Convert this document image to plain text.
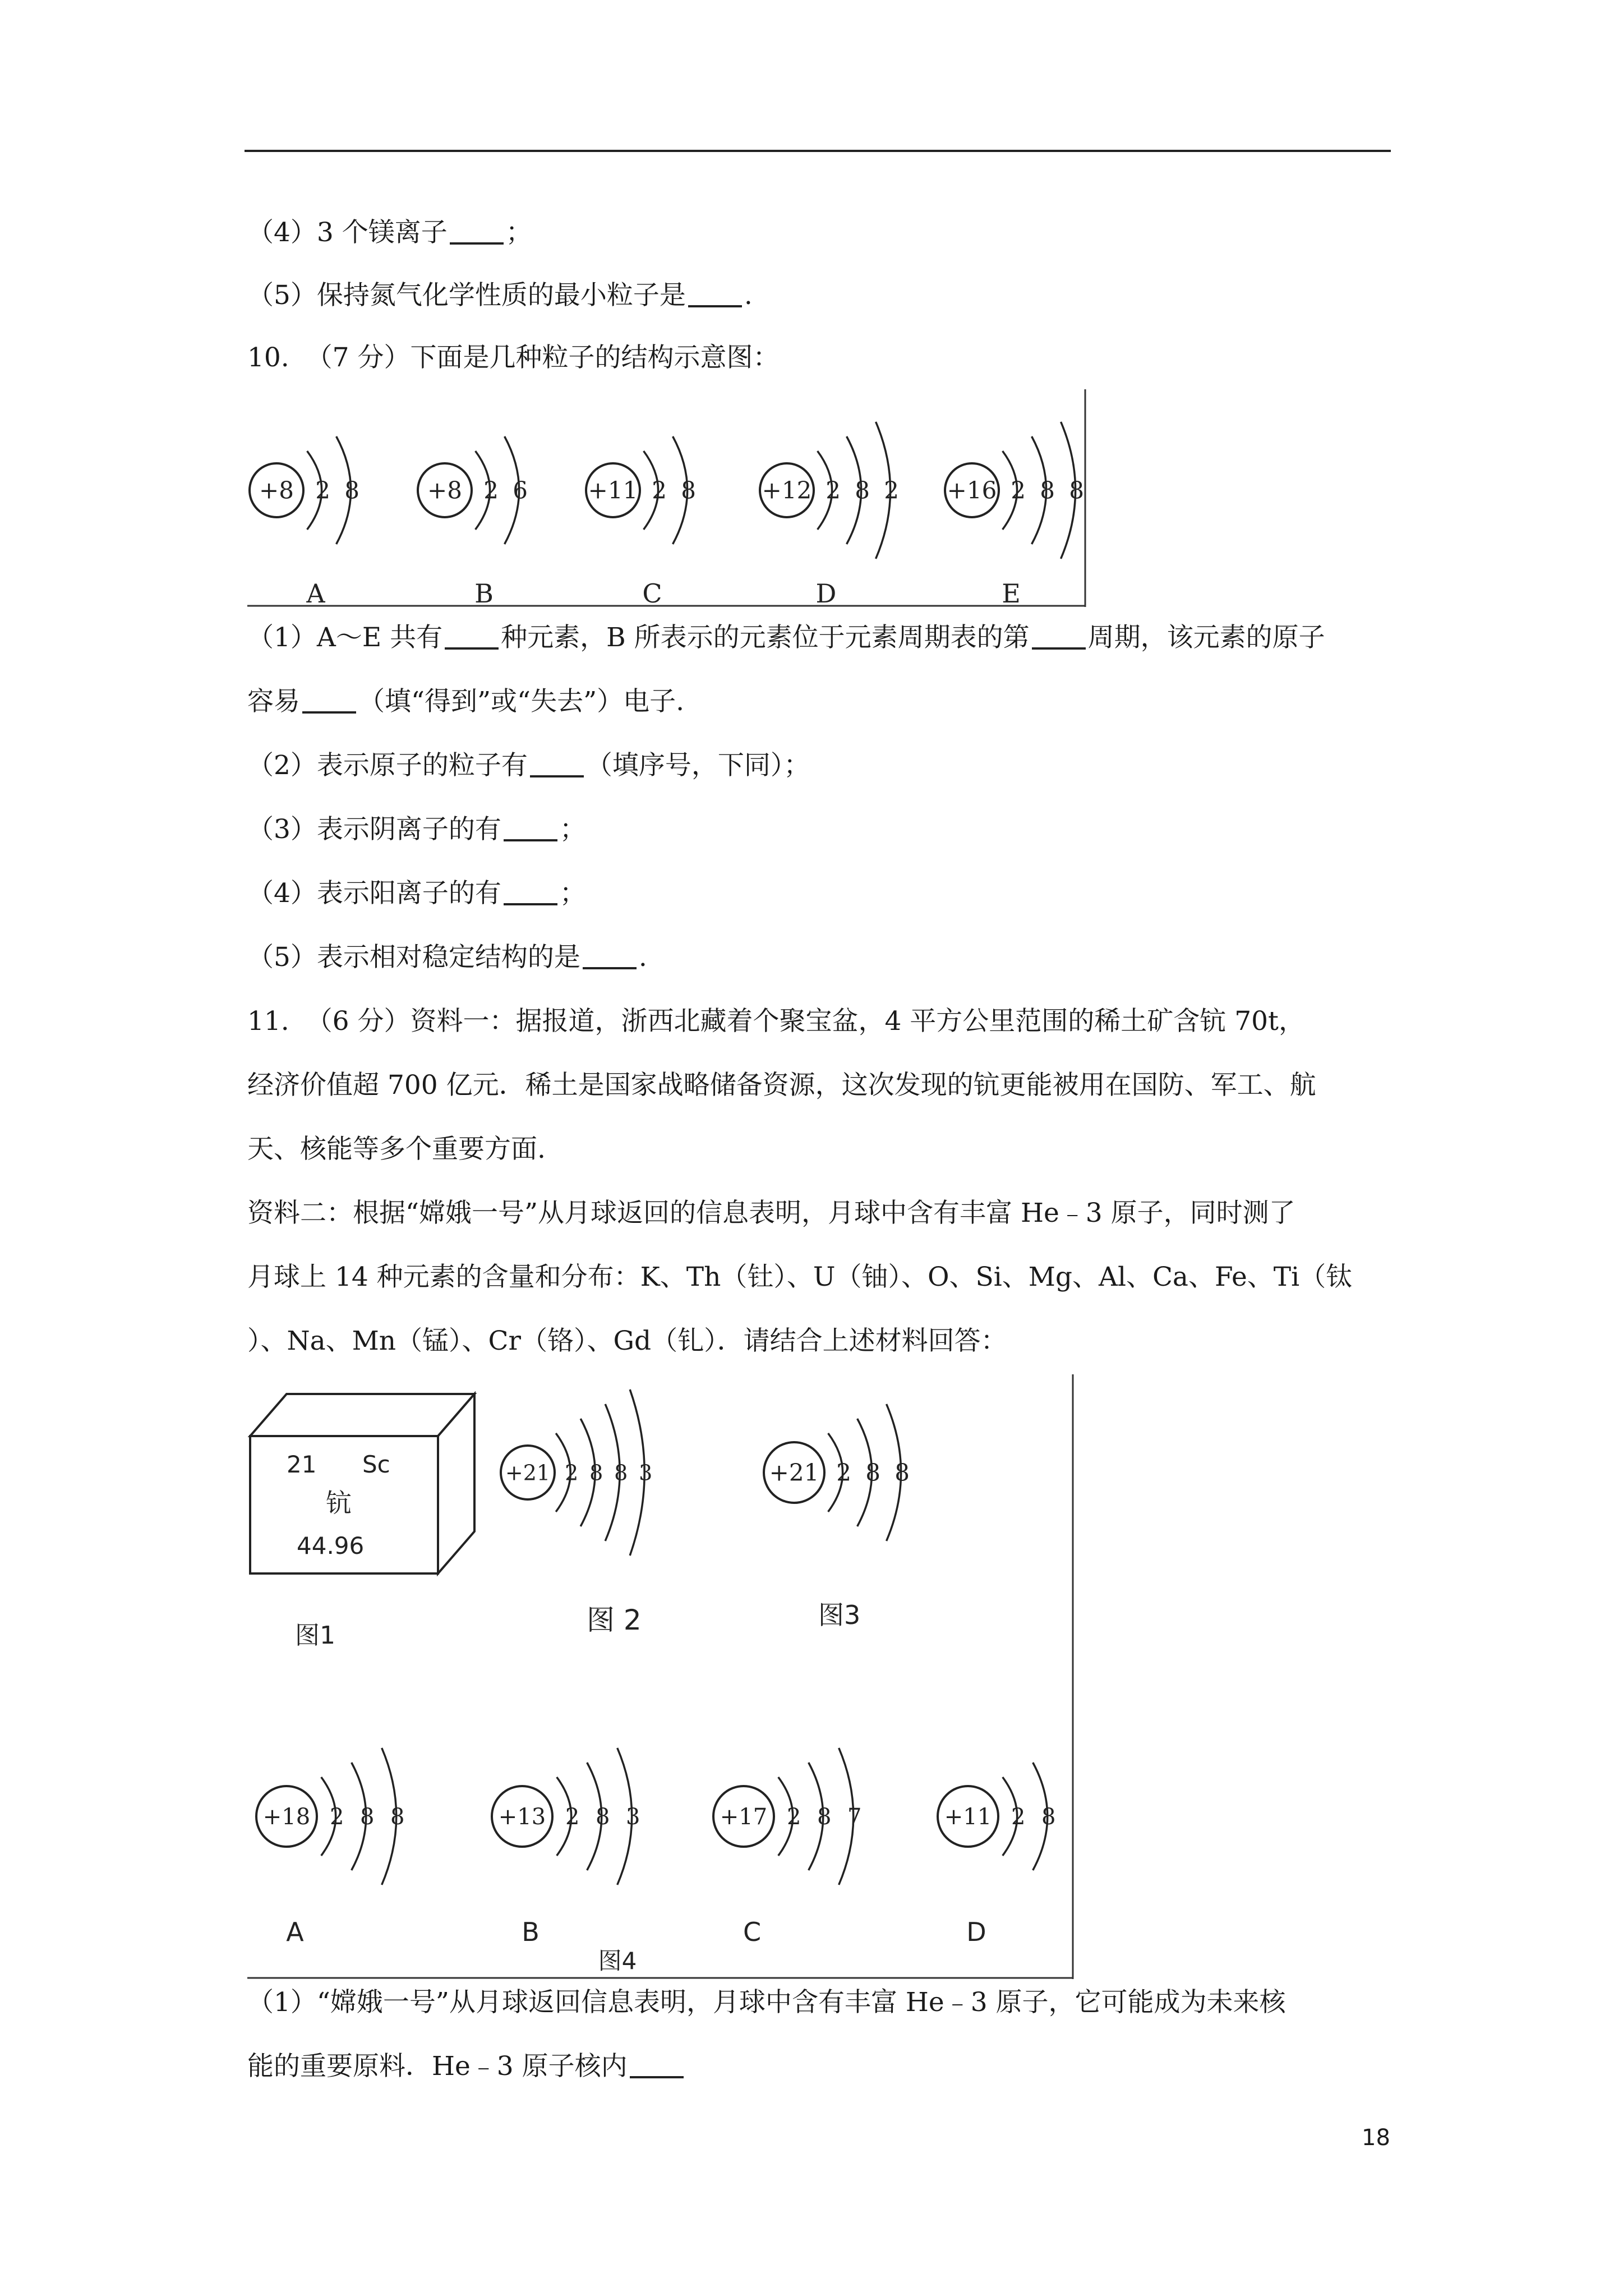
（4）3 个镁离子 ；
（5）保持氮气化学性质的最小粒子是 .
10.  （7 分）下面是几种粒子的结构示意图：
+8 2 8
A
+8 2 6
B
+11 2 8
C
+12 2 8 2
D
+16 2 8 8
E
（1）A～E 共有 种元素，B 所表示的元素位于元素周期表的第 周期，该元素的原子
容易 （填“得到”或“失去”）电子.
（2）表示原子的粒子有 （填序号，下同）；
（3）表示阴离子的有 ；
（4）表示阳离子的有 ；
（5）表示相对稳定结构的是 .
11.  （6 分）资料一：据报道，浙西北藏着个聚宝盆，4 平方公里范围的稀土矿含钪 70t，
经济价值超 700 亿元．稀土是国家战略储备资源，这次发现的钪更能被用在国防、军工、航
天、核能等多个重要方面.
资料二：根据“嫦娥一号”从月球返回的信息表明，月球中含有丰富 He﹣3 原子，同时测了
月球上 14 种元素的含量和分布：K、Th（钍）、U（铀）、O、Si、Mg、Al、Ca、Fe、Ti（钛
）、Na、Mn（锰）、Cr（铬）、Gd（钆）．请结合上述材料回答：
21 Sc
钪
44.96
图1
+21 2 8 8 3
图 2
+21 2 8 8
图3
+18 2 8 8
A
+13 2 8 3
B
+17 2 8 7
C
+11 2 8
D
图4
（1）“嫦娥一号”从月球返回信息表明，月球中含有丰富 He﹣3 原子，它可能成为未来核
能的重要原料．He﹣3 原子核内
18
